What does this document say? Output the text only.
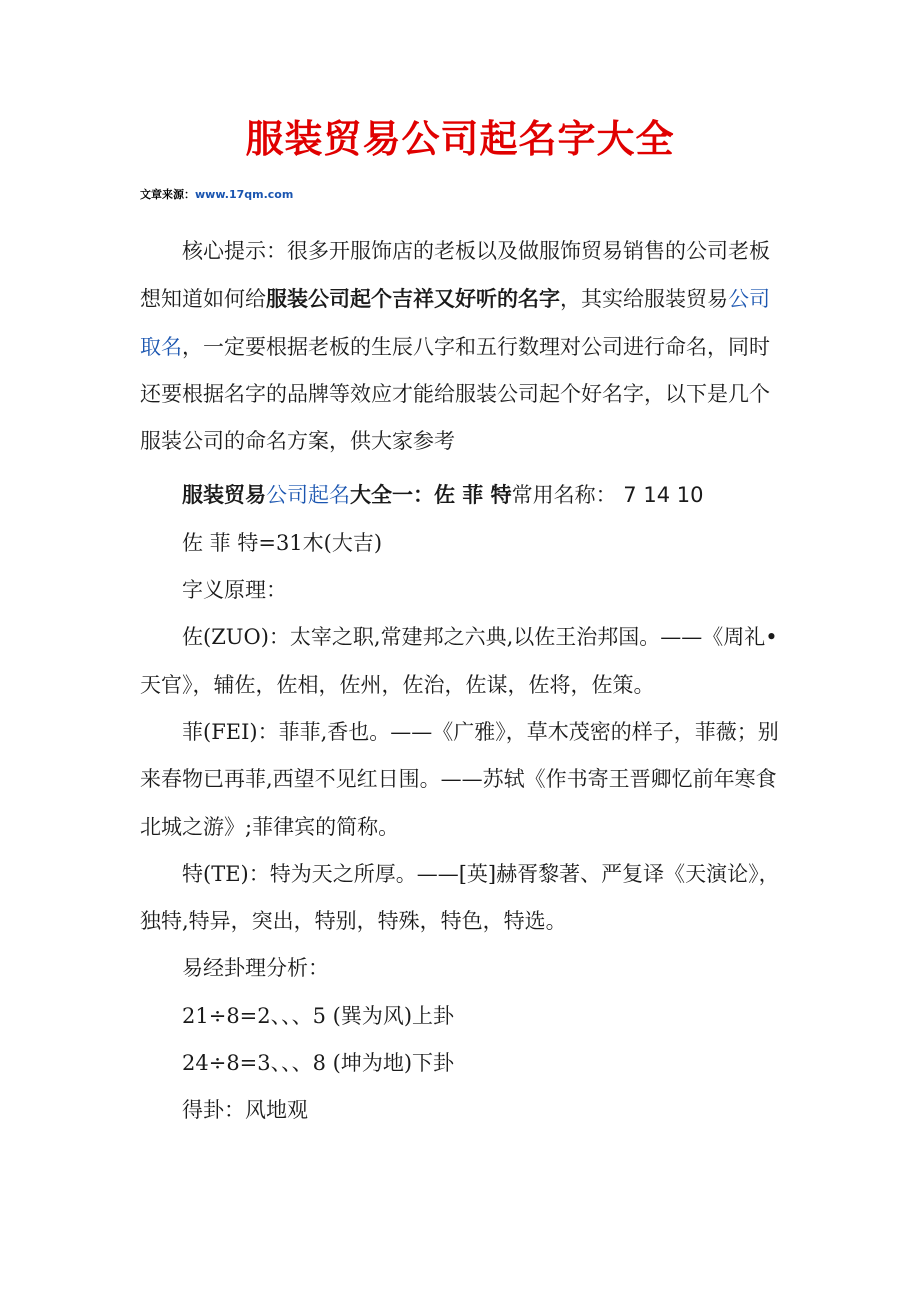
服装贸易公司起名字大全
文章来源：www.17qm.com

核心提示：很多开服饰店的老板以及做服饰贸易销售的公司老板想知道如何给服装公司起个吉祥又好听的名字，其实给服装贸易公司取名，一定要根据老板的生辰八字和五行数理对公司进行命名，同时还要根据名字的品牌等效应才能给服装公司起个好名字，以下是几个服装公司的命名方案，供大家参考

服装贸易公司起名大全一：佐 菲 特常用名称： 7 14 10

佐 菲 特=31木(大吉)

字义原理：

佐(ZUO)：太宰之职,常建邦之六典,以佐王治邦国。——《周礼•天官》，辅佐，佐相，佐州，佐治，佐谋，佐将，佐策。

菲(FEI)：菲菲,香也。——《广雅》，草木茂密的样子，菲薇；别来春物已再菲,西望不见红日围。——苏轼《作书寄王晋卿忆前年寒食北城之游》;菲律宾的简称。

特(TE)：特为天之所厚。——[英]赫胥黎著、严复译《天演论》，独特,特异，突出，特别，特殊，特色，特选。

易经卦理分析：

21÷8=2、、、5 (巽为风)上卦

24÷8=3、、、8 (坤为地)下卦

得卦：风地观
